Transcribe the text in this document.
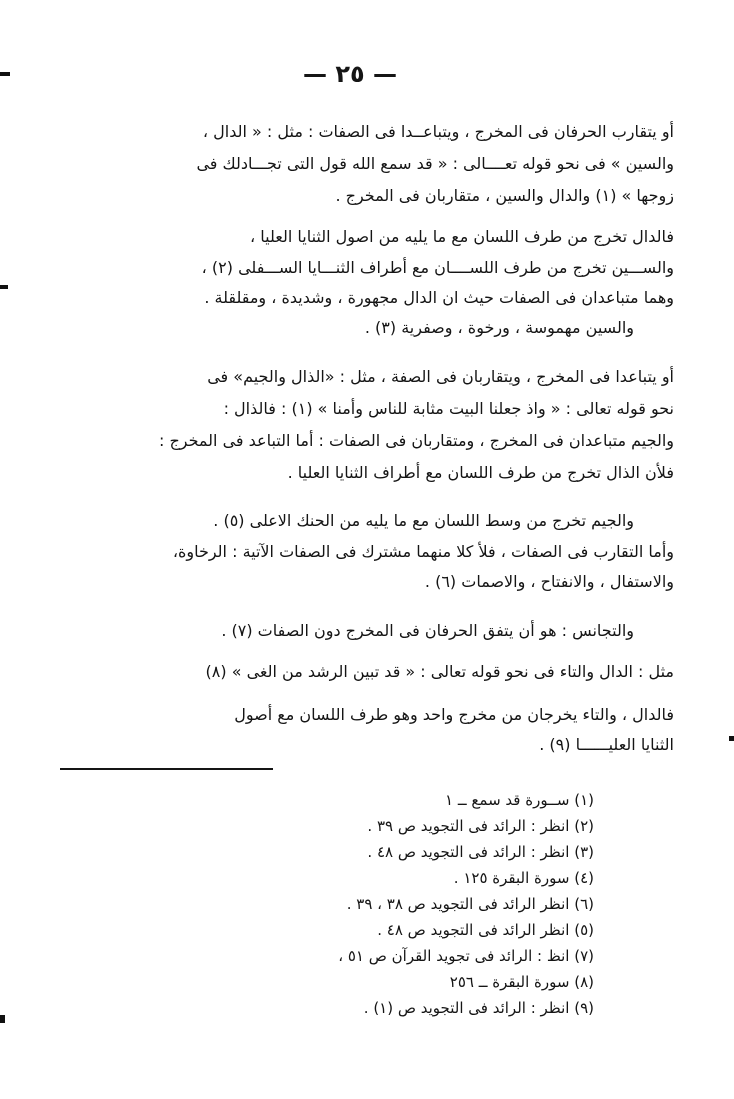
— ٢٥ —
أو يتقارب الحرفان فى المخرج ، ويتباعــدا فى الصفات : مثل : « الدال ،
والسين » فى نحو قوله تعــــالى : « قد سمع الله قول التى تجـــادلك فى
زوجها » (١) والدال والسين ، متقاربان فى المخرج .
فالدال تخرج من طرف اللسان مع ما يليه من اصول الثنايا العليا ،
والســـين تخرج من طرف اللســــان مع أطراف الثنـــايا الســـفلى (٢) ،
وهما متباعدان فى الصفات حيث ان الدال مجهورة ، وشديدة ، ومقلقلة .
والسين مهموسة ، ورخوة ، وصفرية (٣) .
أو يتباعدا فى المخرج ، ويتقاربان فى الصفة ، مثل : «الذال والجيم» فى
نحو قوله تعالى : « واذ جعلنا البيت مثابة للناس وأمنا » (١) : فالذال :
والجيم متباعدان فى المخرج ، ومتقاربان فى الصفات : أما التباعد فى المخرج :
فلأن الذال تخرج من طرف اللسان مع أطراف الثنايا العليا .
والجيم تخرج من وسط اللسان مع ما يليه من الحنك الاعلى (٥) .
وأما التقارب فى الصفات ، فلأ كلا منهما مشترك فى الصفات الآتية : الرخاوة،
والاستفال ، والانفتاح ، والاصمات (٦) .
والتجانس : هو أن يتفق الحرفان فى المخرج دون الصفات (٧) .
مثل : الدال والتاء فى نحو قوله تعالى : « قد تبين الرشد من الغى » (٨)
فالدال ، والتاء يخرجان من مخرج واحد وهو طرف اللسان مع أصول
الثنايا العليــــــا (٩) .
(١) ســورة قد سمع ــ ١
(٢) انظر : الرائد فى التجويد ص ٣٩ .
(٣) انظر : الرائد فى التجويد ص ٤٨ .
(٤) سورة البقرة ١٢٥ .
(٦) انظر الرائد فى التجويد ص ٣٨ ، ٣٩ .
(٥) انظر الرائد فى التجويد ص ٤٨ .
(٧) انظ : الرائد فى تجويد القرآن ص ٥١ ،
(٨) سورة البقرة ــ ٢٥٦
(٩) انظر : الرائد فى التجويد ص (١) .
